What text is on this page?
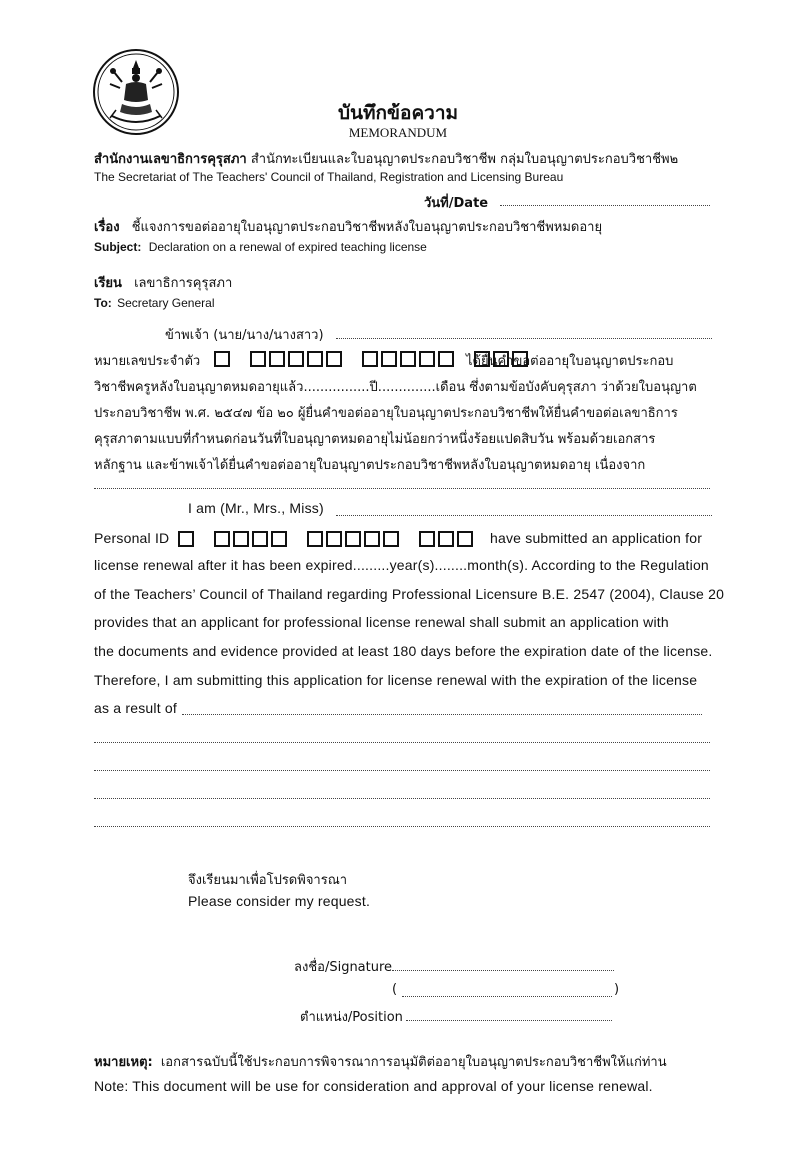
บันทึกข้อความ
MEMORANDUM
สำนักงานเลขาธิการคุรุสภา สำนักทะเบียนและใบอนุญาตประกอบวิชาชีพ กลุ่มใบอนุญาตประกอบวิชาชีพ๒
The Secretariat of The Teachers' Council of Thailand, Registration and Licensing Bureau
วันที่/Date
เรื่อง ชี้แจงการขอต่ออายุใบอนุญาตประกอบวิชาชีพหลังใบอนุญาตประกอบวิชาชีพหมดอายุ
Subject: Declaration on a renewal of expired teaching license
เรียน เลขาธิการคุรุสภา
To: Secretary General
ข้าพเจ้า (นาย/นาง/นางสาว)
หมายเลขประจำตัว
	ได้ยื่นคำขอต่ออายุใบอนุญาตประกอบ
วิชาชีพครูหลังใบอนุญาตหมดอายุแล้ว................ปี..............เดือน ซึ่งตามข้อบังคับคุรุสภา ว่าด้วยใบอนุญาต
ประกอบวิชาชีพ พ.ศ. ๒๕๔๗ ข้อ ๒๐ ผู้ยื่นคำขอต่ออายุใบอนุญาตประกอบวิชาชีพให้ยื่นคำขอต่อเลขาธิการ
คุรุสภาตามแบบที่กำหนดก่อนวันที่ใบอนุญาตหมดอายุไม่น้อยกว่าหนึ่งร้อยแปดสิบวัน พร้อมด้วยเอกสาร
หลักฐาน และข้าพเจ้าได้ยื่นคำขอต่ออายุใบอนุญาตประกอบวิชาชีพหลังใบอนุญาตหมดอายุ เนื่องจาก
I am (Mr., Mrs., Miss)
Personal ID
	have submitted an application for
license renewal after it has been expired.........year(s)........month(s). According to the Regulation
of the Teachers’ Council of Thailand regarding Professional Licensure B.E. 2547 (2004), Clause 20
provides that an applicant for professional license renewal shall submit an application with
the documents and evidence provided at least 180 days before the expiration date of the license.
Therefore, I am submitting this application for license renewal with the expiration of the license
as a result of
จึงเรียนมาเพื่อโปรดพิจารณา
Please consider my request.
ลงชื่อ/Signature
(	)
ตำแหน่ง/Position
หมายเหตุ: เอกสารฉบับนี้ใช้ประกอบการพิจารณาการอนุมัติต่ออายุใบอนุญาตประกอบวิชาชีพให้แก่ท่าน
Note: This document will be use for consideration and approval of your license renewal.
